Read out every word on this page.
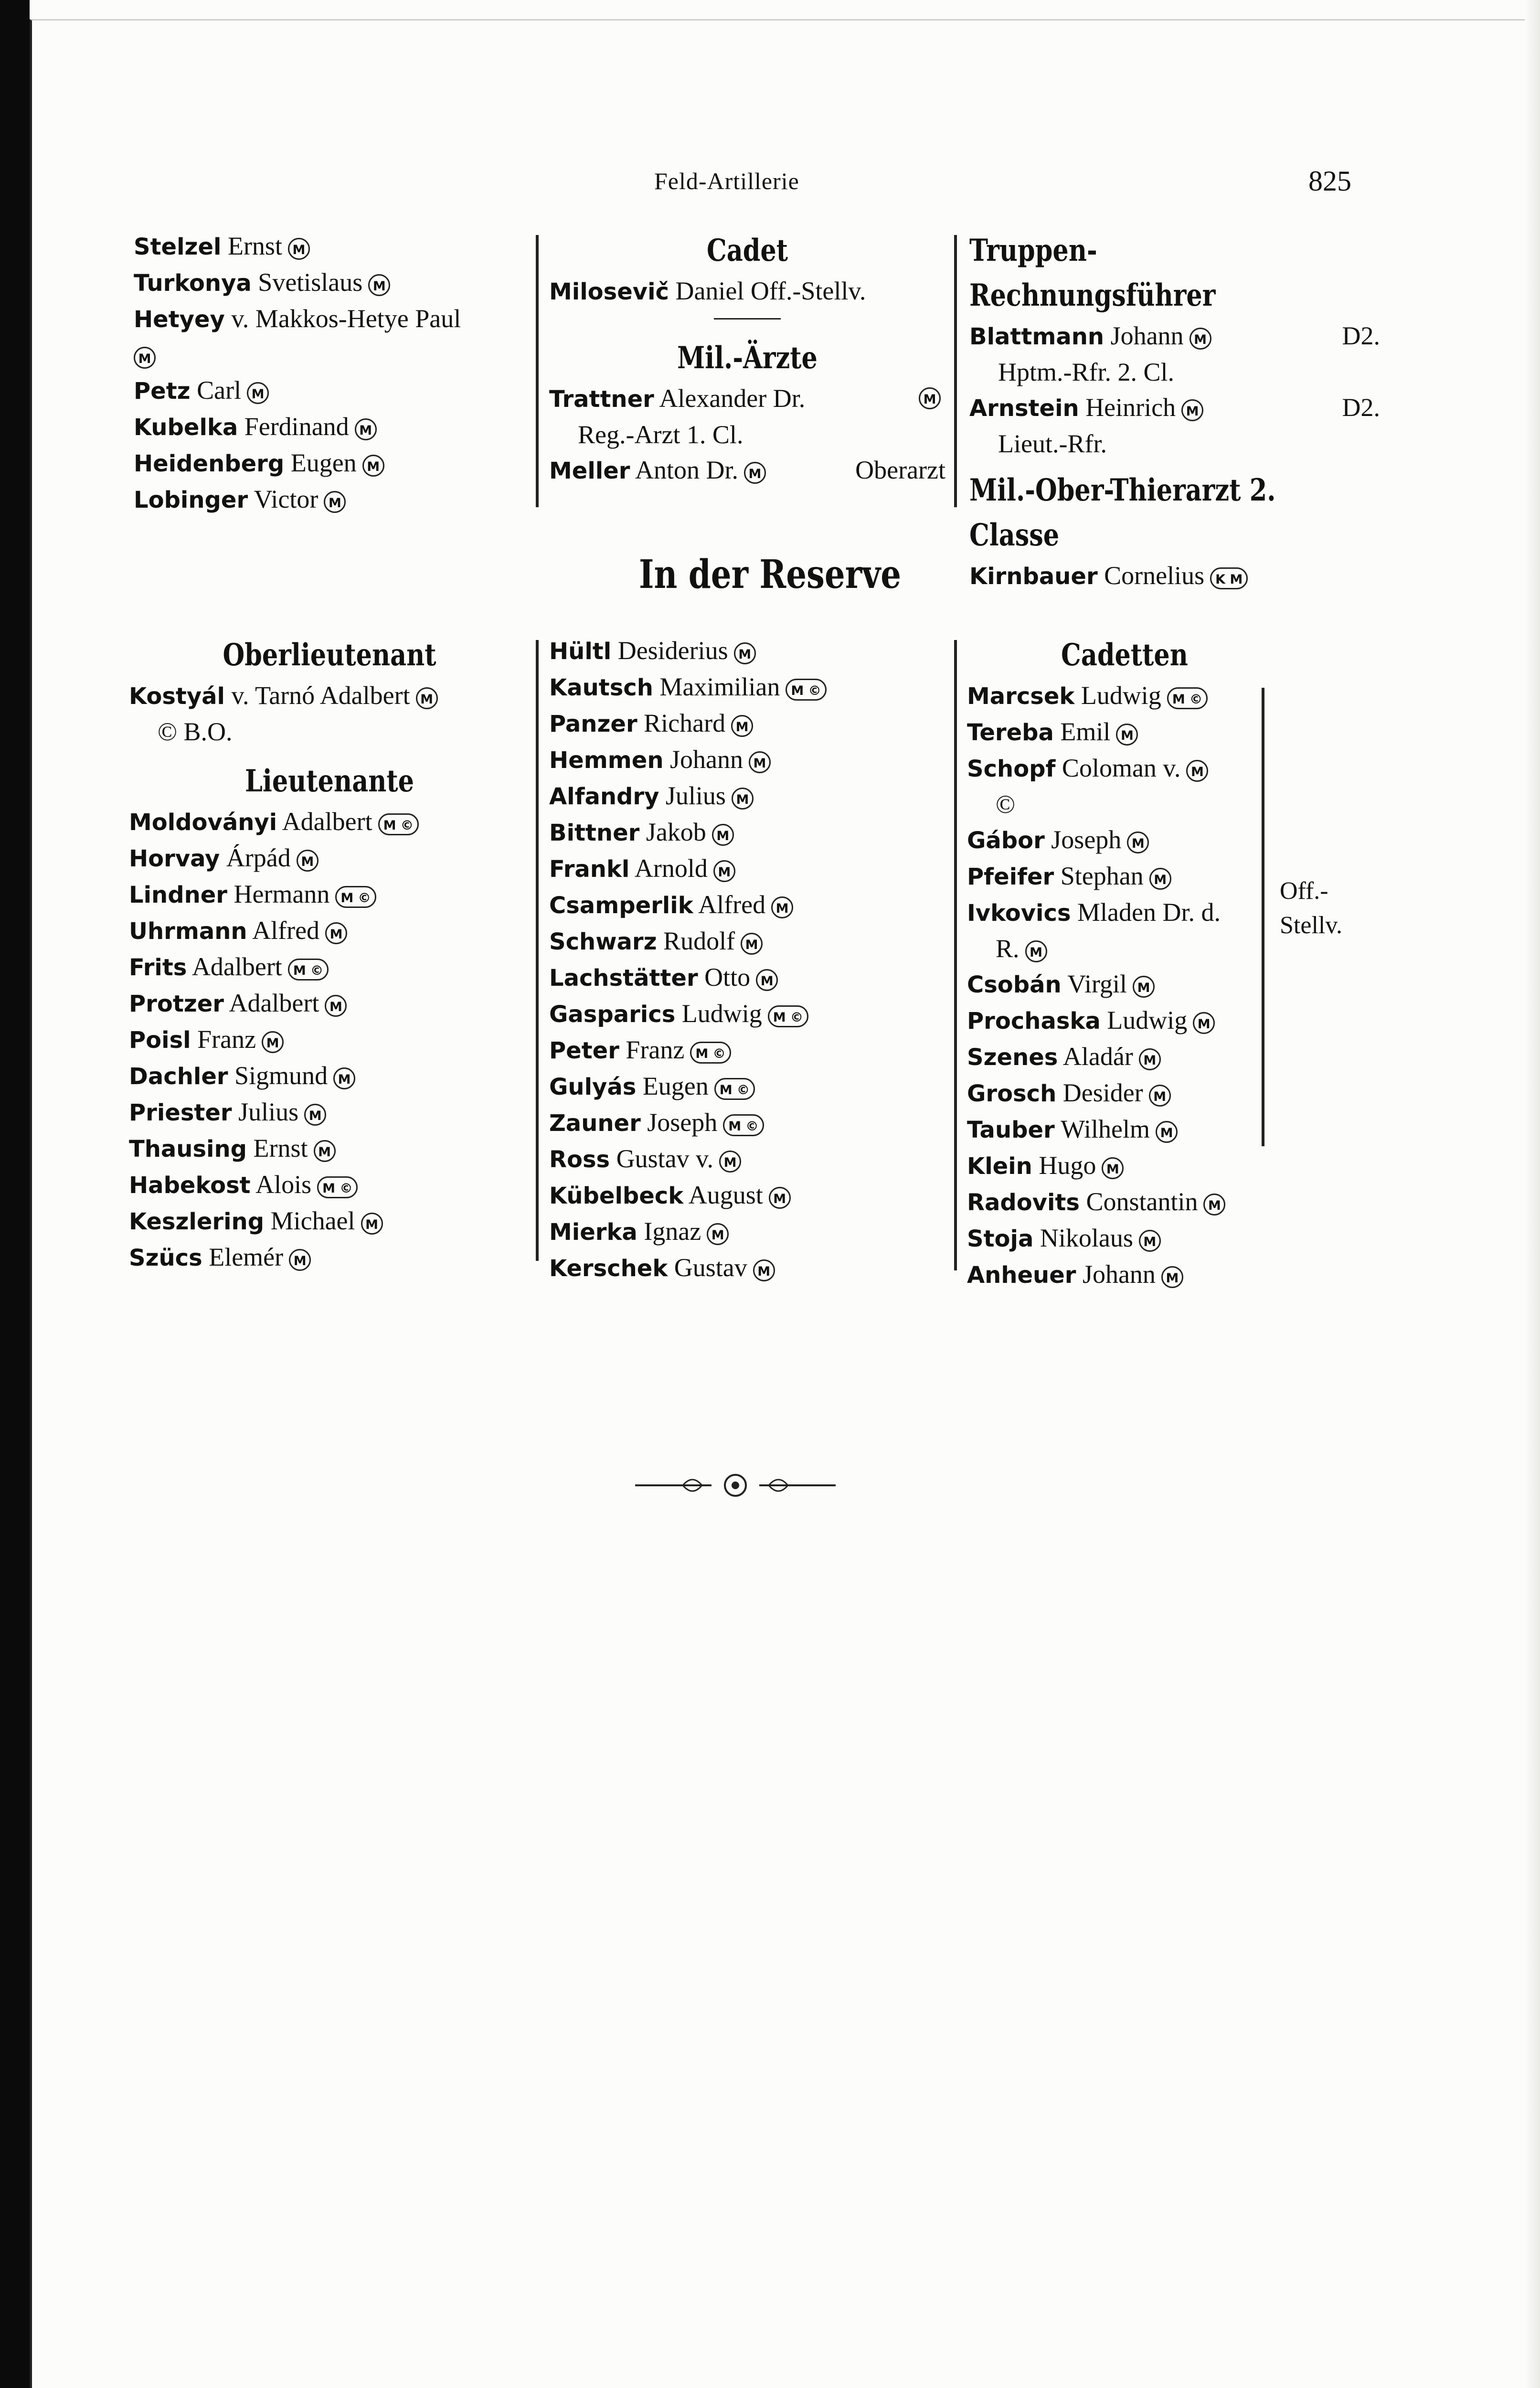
Feld-Artillerie	825
Stelzel Ernst M
Turkonya Svetislaus M
Hetyey v. Makkos-Hetye Paul
M
Petz Carl M
Kubelka Ferdinand M
Heidenberg Eugen M
Lobinger Victor M
Cadet
Milosevič Daniel Off.-Stellv.
Mil.-Ärzte
Trattner Alexander Dr.	M
Reg.-Arzt 1. Cl.
Meller Anton Dr. M	Oberarzt
Truppen-Rechnungsführer
Blattmann Johann M	D2.
Hptm.-Rfr. 2. Cl.
Arnstein Heinrich M	D2.
Lieut.-Rfr.
Mil.-Ober-Thierarzt 2. Classe
Kirnbauer Cornelius K M
In der Reserve
Oberlieutenant
Kostyál v. Tarnó Adalbert M
© B.O.
Lieutenante
Moldoványi Adalbert M ©
Horvay Árpád M
Lindner Hermann M ©
Uhrmann Alfred M
Frits Adalbert M ©
Protzer Adalbert M
Poisl Franz M
Dachler Sigmund M
Priester Julius M
Thausing Ernst M
Habekost Alois M ©
Keszlering Michael M
Szücs Elemér M
Hültl Desiderius M
Kautsch Maximilian M ©
Panzer Richard M
Hemmen Johann M
Alfandry Julius M
Bittner Jakob M
Frankl Arnold M
Csamperlik Alfred M
Schwarz Rudolf M
Lachstätter Otto M
Gasparics Ludwig M ©
Peter Franz M ©
Gulyás Eugen M ©
Zauner Joseph M ©
Ross Gustav v. M
Kübelbeck August M
Mierka Ignaz M
Kerschek Gustav M
Cadetten
Marcsek Ludwig M ©
Tereba Emil M
Schopf Coloman v. M
©
Gábor Joseph M
Pfeifer Stephan M
Ivkovics Mladen Dr. d.
R. M
Csobán Virgil M
Prochaska Ludwig M
Szenes Aladár M
Grosch Desider M
Tauber Wilhelm M
Klein Hugo M
Radovits Constantin M
Stoja Nikolaus M
Anheuer Johann M
Off.-
Stellv.
